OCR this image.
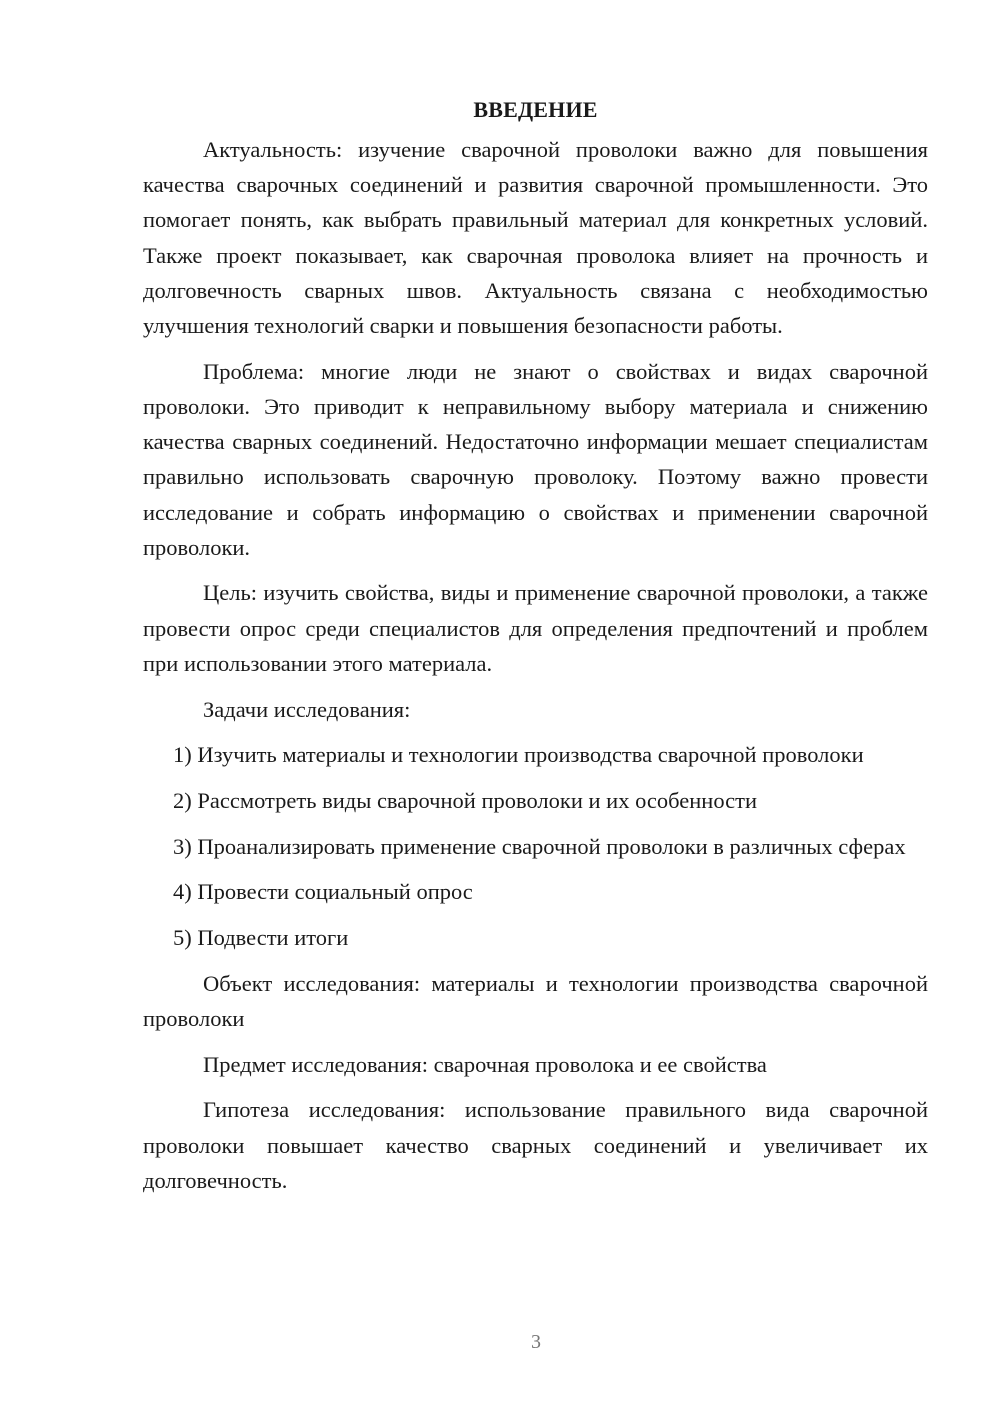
ВВЕДЕНИЕ

Актуальность: изучение сварочной проволоки важно для повышения качества сварочных соединений и развития сварочной промышленности. Это помогает понять, как выбрать правильный материал для конкретных условий. Также проект показывает, как сварочная проволока влияет на прочность и долговечность сварных швов. Актуальность связана с необходимостью улучшения технологий сварки и повышения безопасности работы.

Проблема: многие люди не знают о свойствах и видах сварочной проволоки. Это приводит к неправильному выбору материала и снижению качества сварных соединений. Недостаточно информации мешает специалистам правильно использовать сварочную проволоку. Поэтому важно провести исследование и собрать информацию о свойствах и применении сварочной проволоки.

Цель: изучить свойства, виды и применение сварочной проволоки, а также провести опрос среди специалистов для определения предпочтений и проблем при использовании этого материала.

Задачи исследования:

1) Изучить материалы и технологии производства сварочной проволоки

2) Рассмотреть виды сварочной проволоки и их особенности

3) Проанализировать применение сварочной проволоки в различных сферах

4) Провести социальный опрос

5) Подвести итоги

Объект исследования: материалы и технологии производства сварочной проволоки

Предмет исследования: сварочная проволока и ее свойства

Гипотеза исследования: использование правильного вида сварочной проволоки повышает качество сварных соединений и увеличивает их долговечность.

3
